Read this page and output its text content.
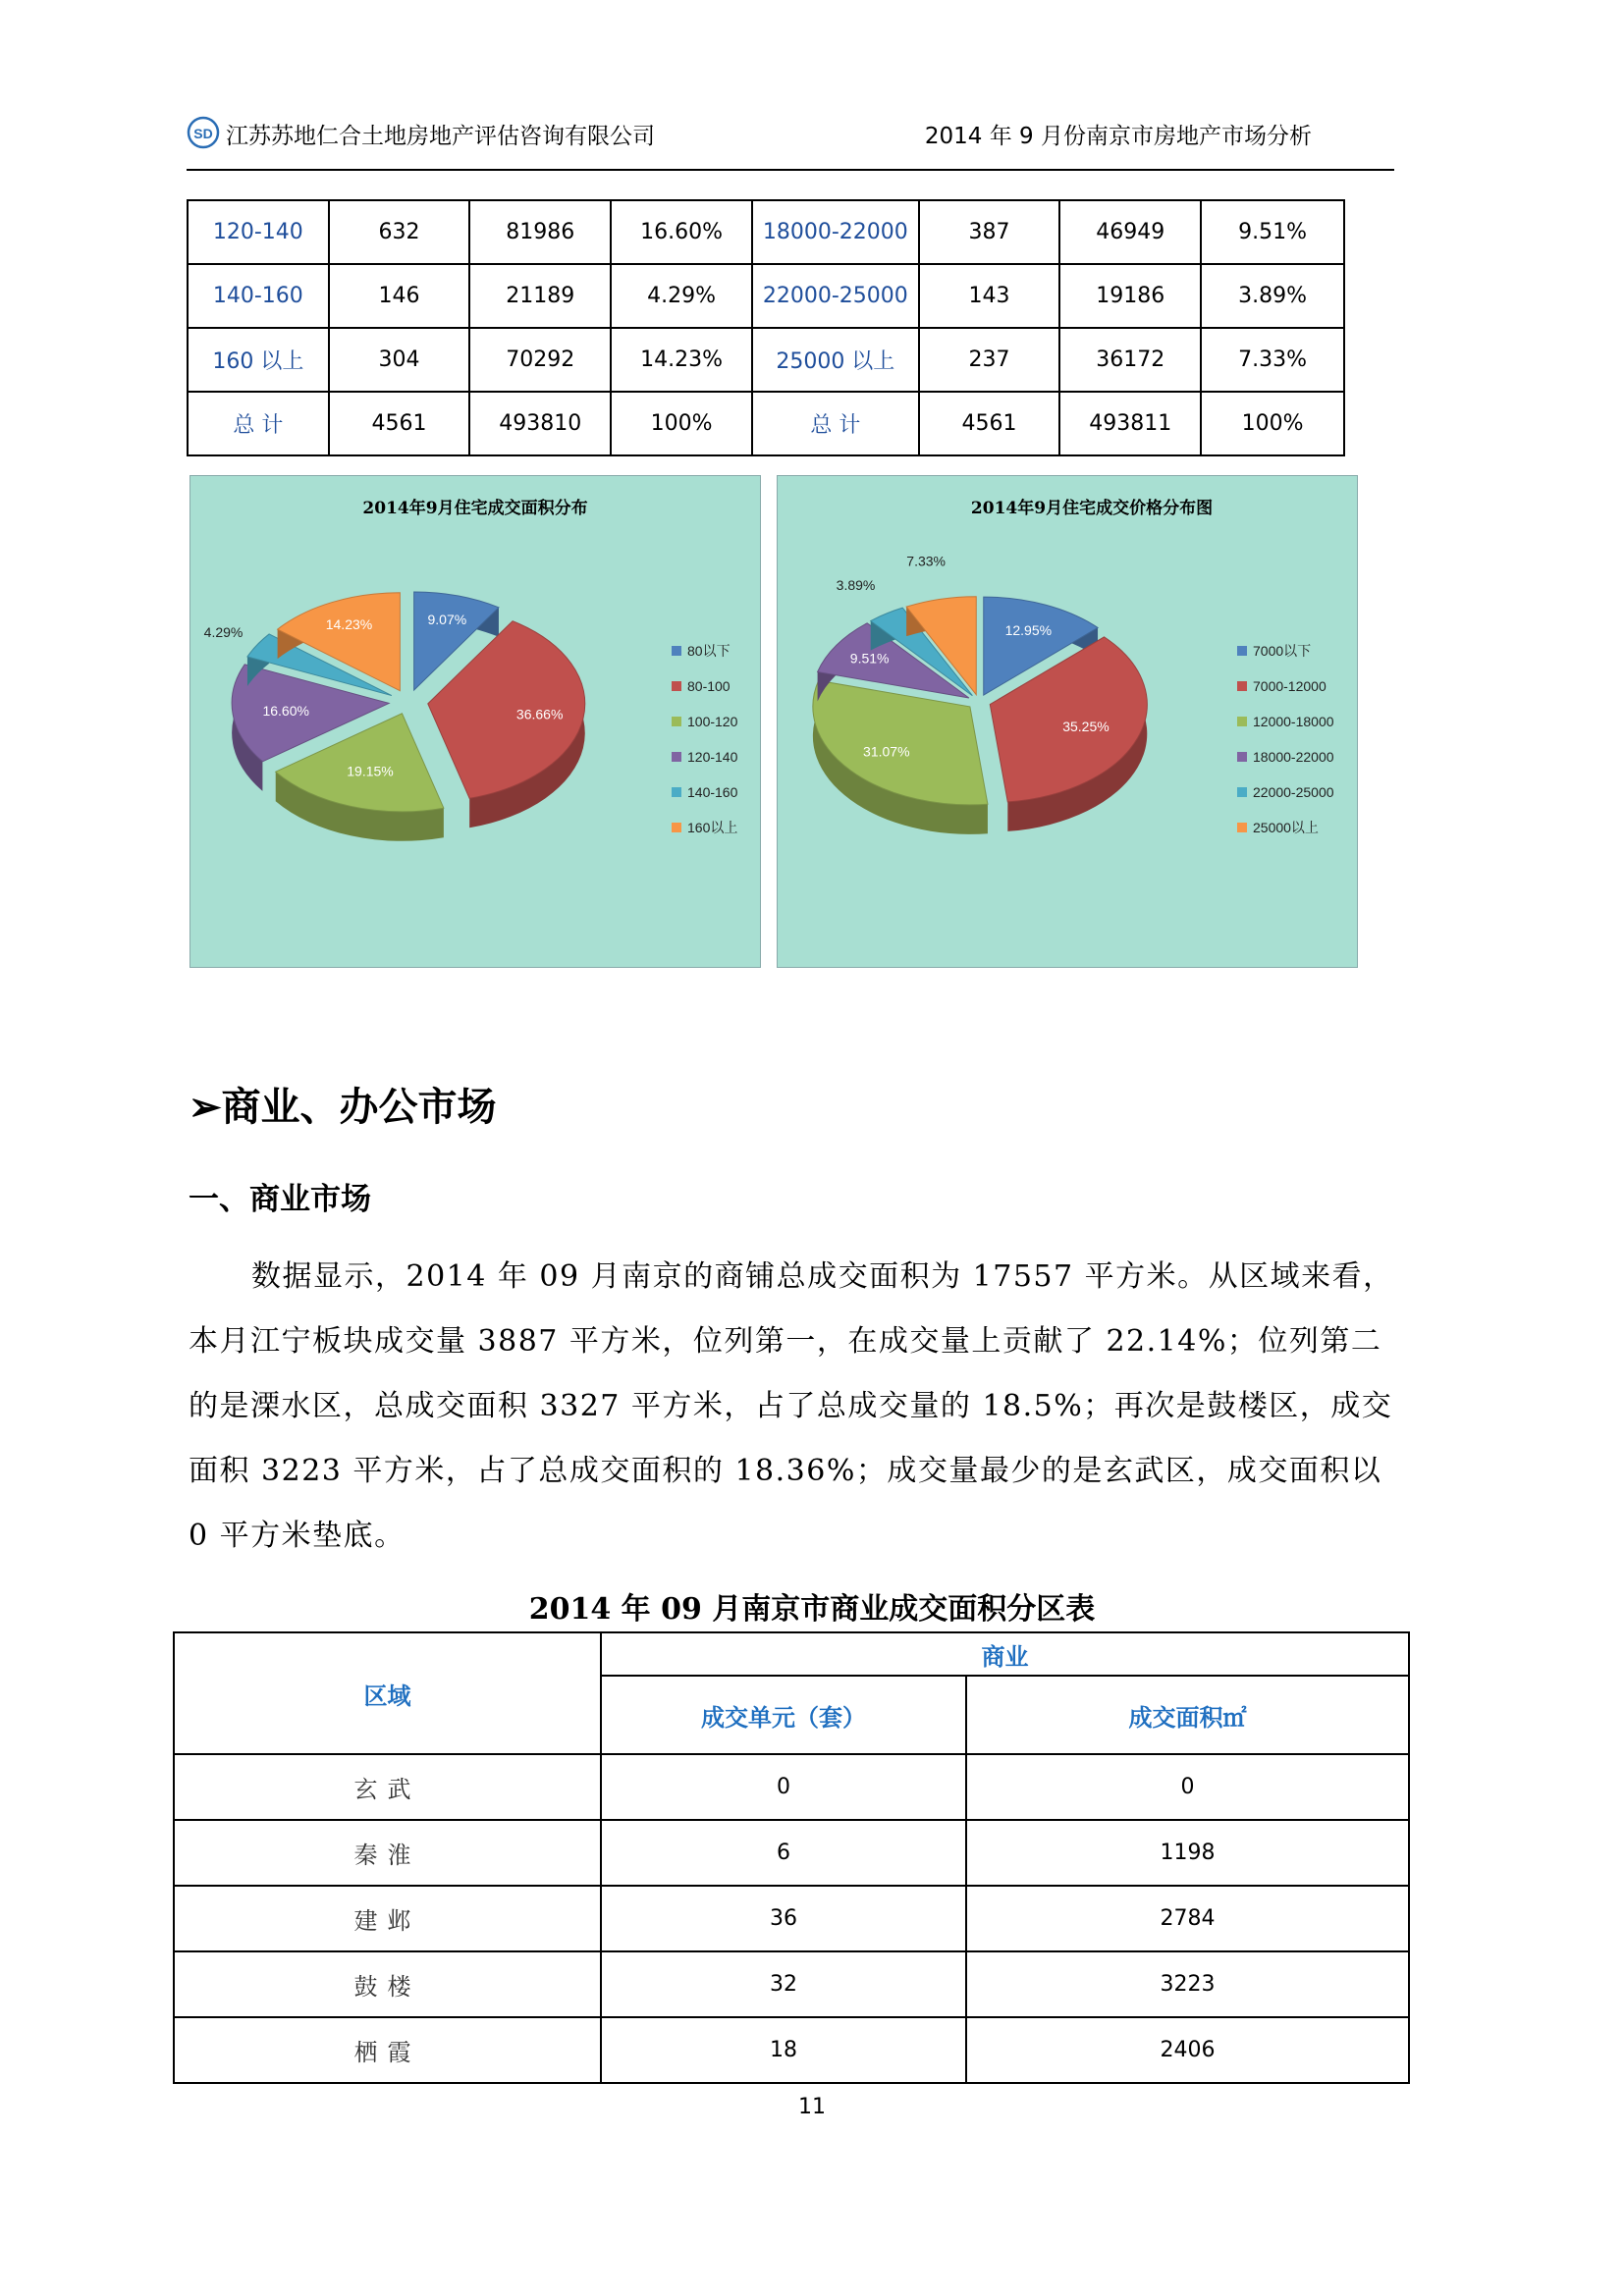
SD 江苏苏地仁合土地房地产评估咨询有限公司	2014 年 9 月份南京市房地产市场分析
120-140	632	81986	16.60%	18000-22000	387	46949	9.51%
140-160	146	21189	4.29%	22000-25000	143	19186	3.89%
160 以上	304	70292	14.23%	25000 以上	237	36172	7.33%
总 计	4561	493810	100%	总 计	4561	493811	100%
2014年9月住宅成交面积分布
9.07%
36.66%
19.15%
16.60%
4.29%	14.23%
80以下
80-100
100-120
120-140
140-160
160以上
2014年9月住宅成交价格分布图
12.95%
35.25%
31.07%
9.51%
3.89%
7.33%
7000以下
7000-12000
12000-18000
18000-22000
22000-25000
25000以上
➢商业、办公市场
一、商业市场
数据显示，2014 年 09 月南京的商铺总成交面积为 17557 平方米。从区域来看，本月江宁板块成交量 3887 平方米，位列第一，在成交量上贡献了 22.14%；位列第二的是溧水区，总成交面积 3327 平方米，占了总成交量的 18.5%；再次是鼓楼区，成交面积 3223 平方米，占了总成交面积的 18.36%；成交量最少的是玄武区，成交面积以 0 平方米垫底。
2014 年 09 月南京市商业成交面积分区表
区域	商业	
	成交单元（套）	成交面积㎡
玄武	0	0
秦淮	6	1198
建邺	36	2784
鼓楼	32	3223
栖霞	18	2406
11
